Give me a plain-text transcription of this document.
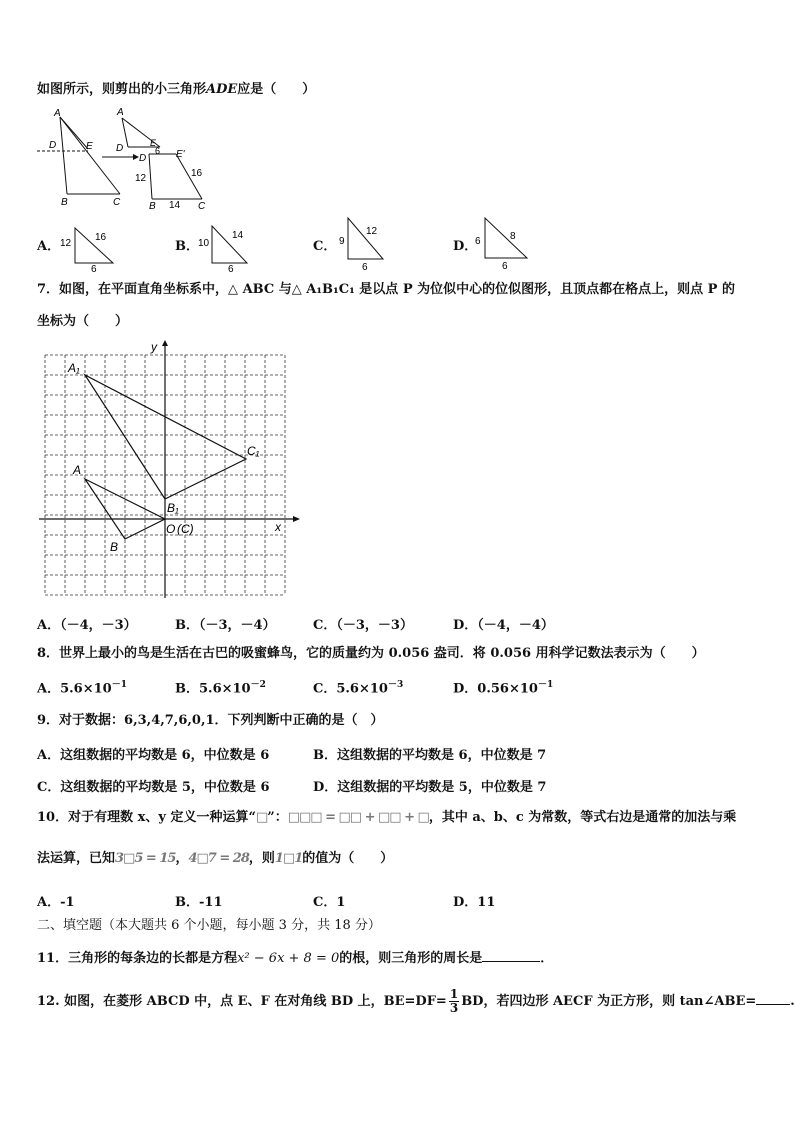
如图所示，则剪出的小三角形ADE应是（　　）
A
D	E
B	C
A
D	E
6
D	E'
12	16
14
B	C
A． 12
16
6
B． 10
14
6
C． 9
12
6
D．
6	8
6
7．如图，在平面直角坐标系中，△ ABC 与△ A₁B₁C₁ 是以点 P 为位似中心的位似图形，且顶点都在格点上，则点 P 的
坐标为（　　）
y
x
A₁
A
C₁
B₁
B
O (C)
A．（－4，－3）	B．（－3，－4）	C．（－3，－3）	D．（－4，－4）
8．世界上最小的鸟是生活在古巴的吸蜜蜂鸟，它的质量约为 0.056 盎司．将 0.056 用科学记数法表示为（　　）
A．$5.6\times 10^{-1}$	B．$5.6\times 10^{-2}$	C．$5.6\times 10^{-3}$	D．$0.56\times 10^{-1}$
9．对于数据：6,3,4,7,6,0,1．下列判断中正确的是（　）
A．这组数据的平均数是 6，中位数是 6	B．这组数据的平均数是 6，中位数是 7
C．这组数据的平均数是 5，中位数是 6	D．这组数据的平均数是 5，中位数是 7
10．对于有理数 x、y 定义一种运算“□”：□□□ = □□ + □□ + □，其中 a、b、c 为常数，等式右边是通常的加法与乘
法运算，已知3□5 = 15，4□7 = 28，则1□1的值为（　　）
A．-1	B．-11	C．1	D．11
二、填空题（本大题共 6 个小题，每小题 3 分，共 18 分）
11．三角形的每条边的长都是方程x² − 6x + 8 = 0的根，则三角形的周长是	．
12. 如图，在菱形 ABCD 中，点 E、F 在对角线 BD 上，$BE=DF= \frac{1}{3}$ BD，若四边形 AECF 为正方形，则 tan∠ABE=	.
